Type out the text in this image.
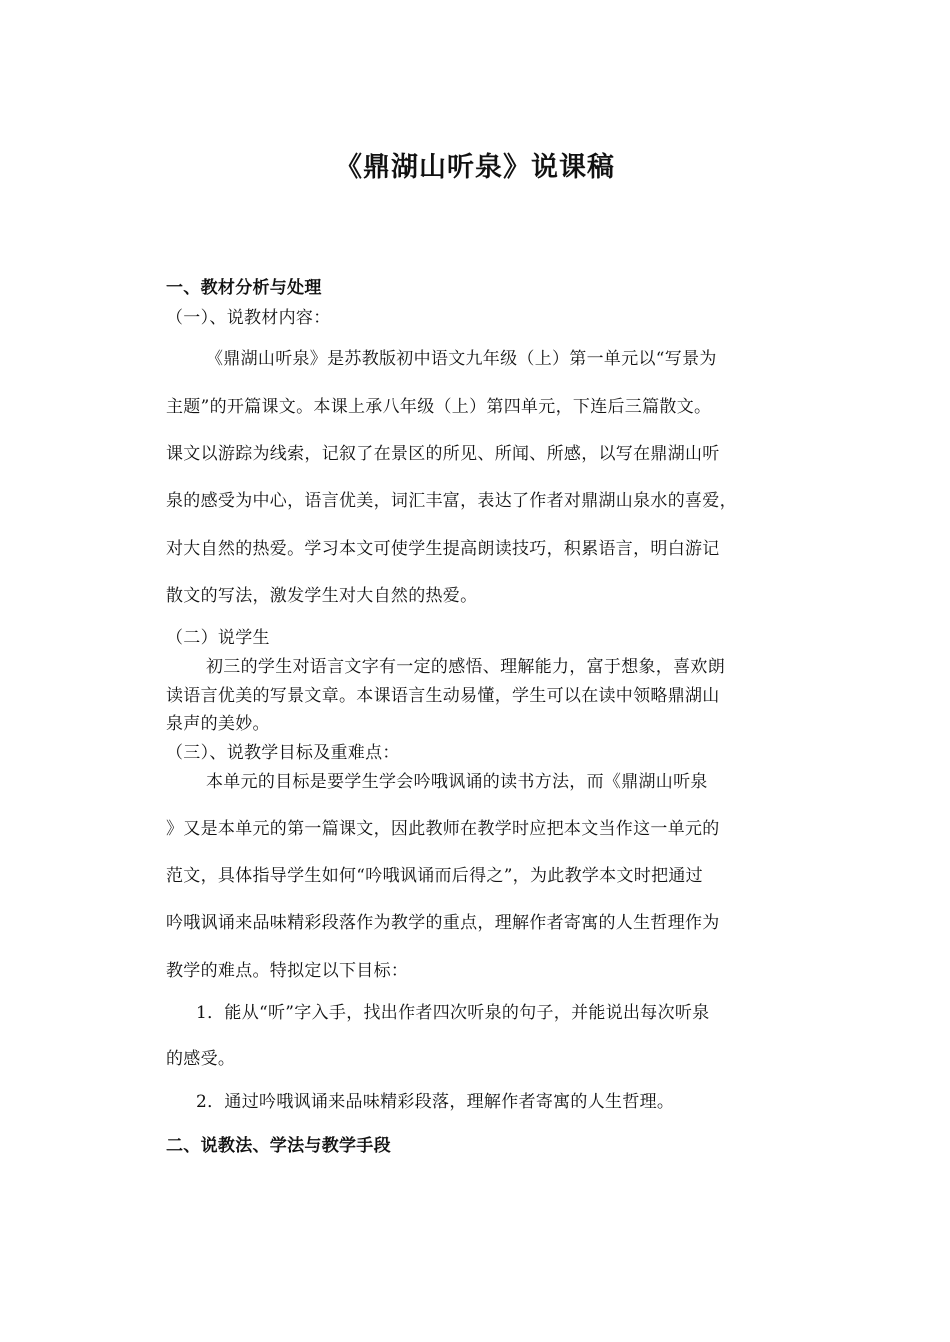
《鼎湖山听泉》说课稿
一、教材分析与处理
（一）、说教材内容：
《鼎湖山听泉》是苏教版初中语文九年级（上）第一单元以“写景为
主题”的开篇课文。本课上承八年级（上）第四单元，下连后三篇散文。
课文以游踪为线索，记叙了在景区的所见、所闻、所感，以写在鼎湖山听
泉的感受为中心，语言优美，词汇丰富，表达了作者对鼎湖山泉水的喜爱，
对大自然的热爱。学习本文可使学生提高朗读技巧，积累语言，明白游记
散文的写法，激发学生对大自然的热爱。
（二）说学生
初三的学生对语言文字有一定的感悟、理解能力，富于想象，喜欢朗
读语言优美的写景文章。本课语言生动易懂，学生可以在读中领略鼎湖山
泉声的美妙。
（三）、说教学目标及重难点：
本单元的目标是要学生学会吟哦讽诵的读书方法，而《鼎湖山听泉
》又是本单元的第一篇课文，因此教师在教学时应把本文当作这一单元的
范文，具体指导学生如何“吟哦讽诵而后得之”，为此教学本文时把通过
吟哦讽诵来品味精彩段落作为教学的重点，理解作者寄寓的人生哲理作为
教学的难点。特拟定以下目标：
1．能从“听”字入手，找出作者四次听泉的句子，并能说出每次听泉
的感受。
2．通过吟哦讽诵来品味精彩段落，理解作者寄寓的人生哲理。
二、说教法、学法与教学手段
